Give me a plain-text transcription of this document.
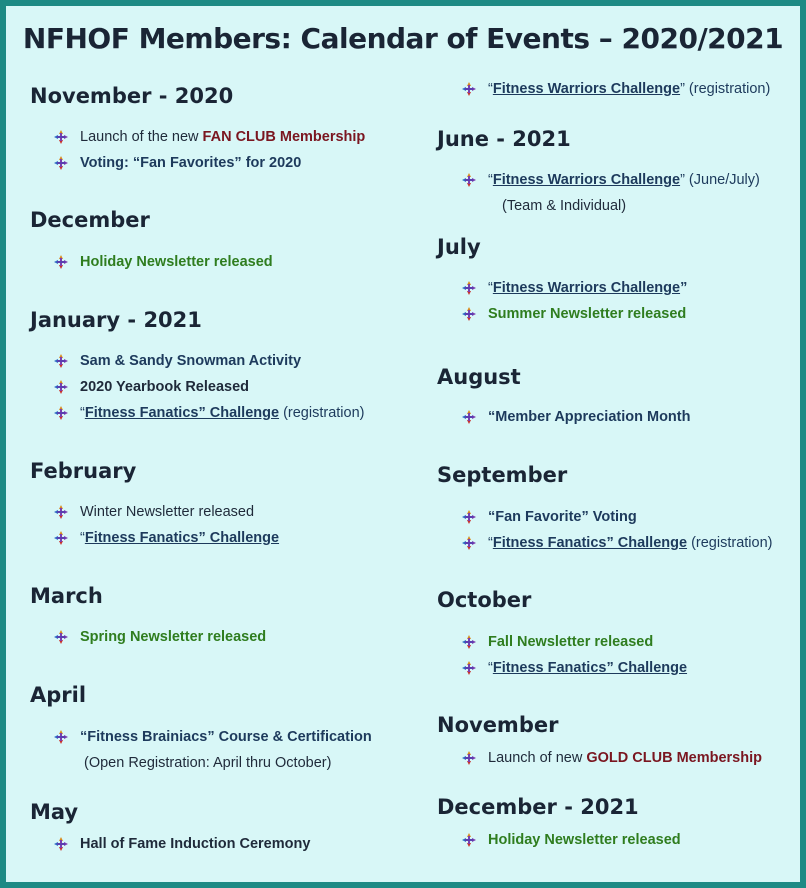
NFHOF Members: Calendar of Events – 2020/2021
November - 2020
Launch of the new FAN CLUB Membership
Voting: “Fan Favorites” for 2020
December
Holiday Newsletter released
January - 2021
Sam & Sandy Snowman Activity
2020 Yearbook Released
“Fitness Fanatics” Challenge (registration)
February
Winter Newsletter released
“Fitness Fanatics” Challenge
March
Spring Newsletter released
April
“Fitness Brainiacs” Course & Certification
(Open Registration: April thru October)
May
Hall of Fame Induction Ceremony
“Fitness Warriors Challenge” (registration)
June - 2021
“Fitness Warriors Challenge” (June/July)
(Team & Individual)
July
“Fitness Warriors Challenge”
Summer Newsletter released
August
“Member Appreciation Month
September
“Fan Favorite” Voting
“Fitness Fanatics” Challenge (registration)
October
Fall Newsletter released
“Fitness Fanatics” Challenge
November
Launch of new GOLD CLUB Membership
December - 2021
Holiday Newsletter released
